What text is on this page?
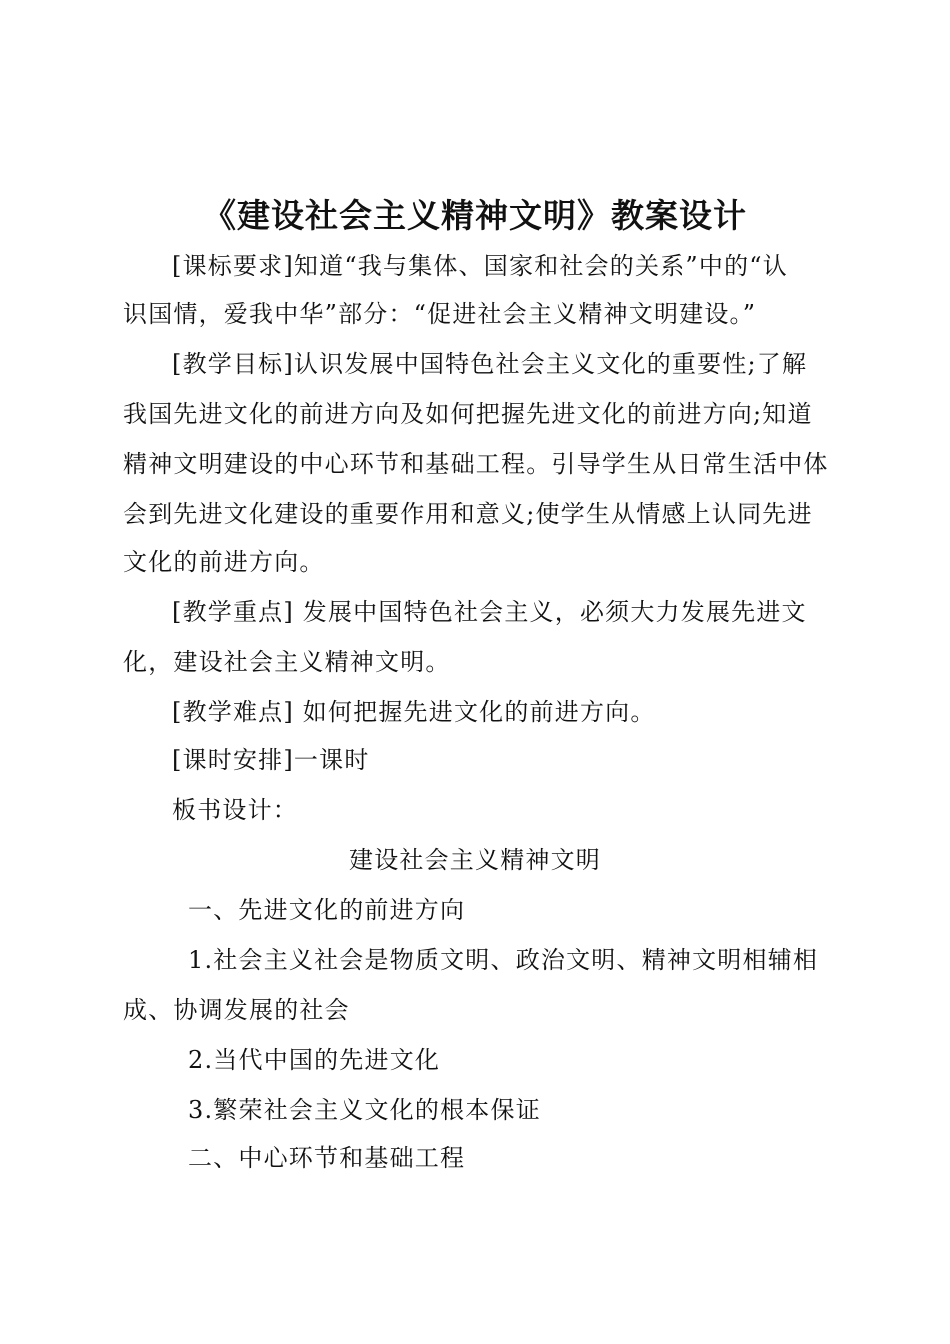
《建设社会主义精神文明》教案设计
[课标要求]知道“我与集体、国家和社会的关系”中的“认
识国情，爱我中华”部分：“促进社会主义精神文明建设。”
[教学目标]认识发展中国特色社会主义文化的重要性;了解
我国先进文化的前进方向及如何把握先进文化的前进方向;知道
精神文明建设的中心环节和基础工程。引导学生从日常生活中体
会到先进文化建设的重要作用和意义;使学生从情感上认同先进
文化的前进方向。
[教学重点] 发展中国特色社会主义，必须大力发展先进文
化，建设社会主义精神文明。
[教学难点] 如何把握先进文化的前进方向。
[课时安排]一课时
板书设计：
建设社会主义精神文明
一、先进文化的前进方向
1.社会主义社会是物质文明、政治文明、精神文明相辅相
成、协调发展的社会
2.当代中国的先进文化
3.繁荣社会主义文化的根本保证
二、中心环节和基础工程
